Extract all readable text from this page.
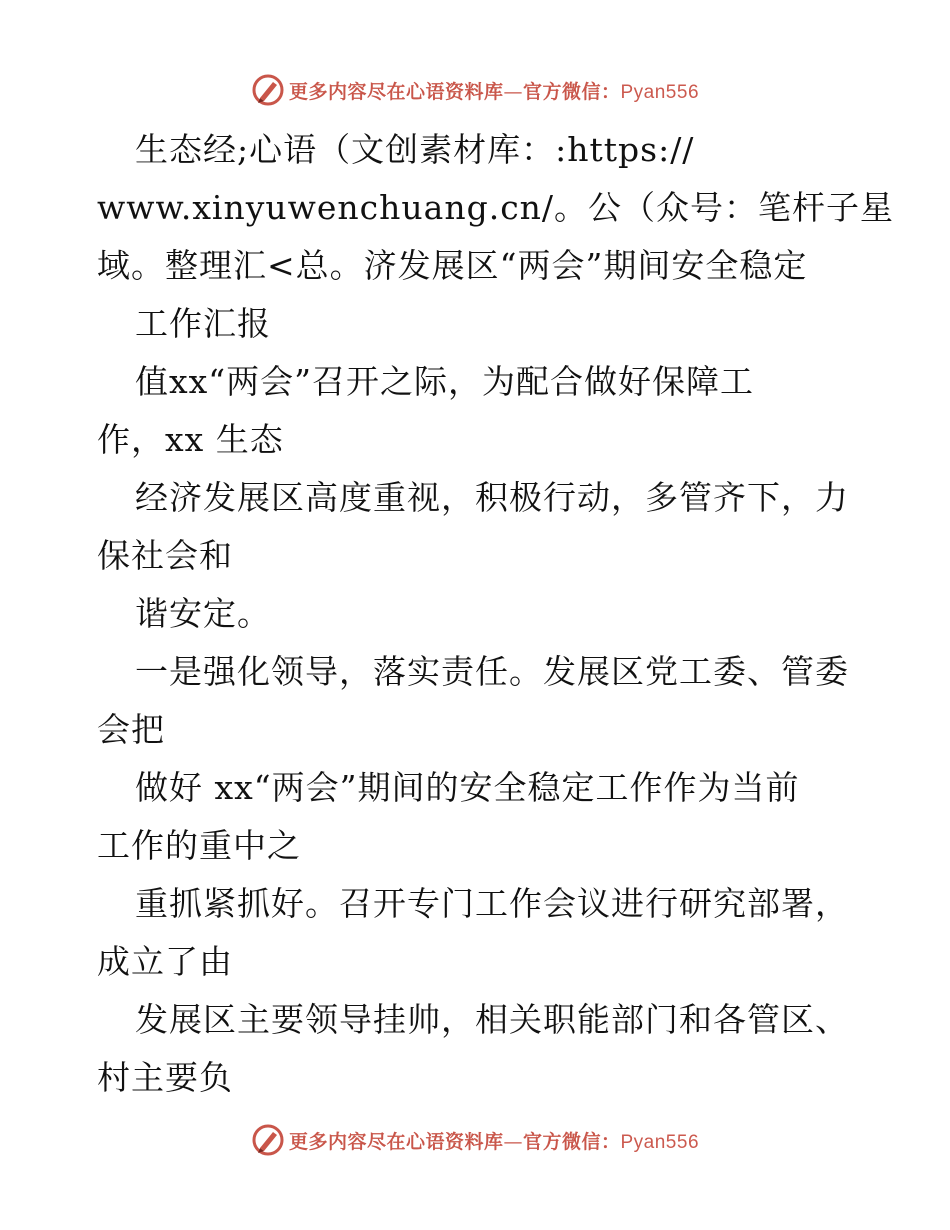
更多内容尽在心语资料库—官方微信：Pyan556
生态经;心语（文创素材库：:https://
www.xinyuwenchuang.cn/。公（众号：笔杆子星
域。整理汇<总。济发展区“两会”期间安全稳定
工作汇报
值xx“两会”召开之际，为配合做好保障工
作，xx 生态
经济发展区高度重视，积极行动，多管齐下，力
保社会和
谐安定。
一是强化领导，落实责任。发展区党工委、管委
会把
做好 xx“两会”期间的安全稳定工作作为当前
工作的重中之
重抓紧抓好。召开专门工作会议进行研究部署，
成立了由
发展区主要领导挂帅，相关职能部门和各管区、
村主要负
更多内容尽在心语资料库—官方微信：Pyan556
